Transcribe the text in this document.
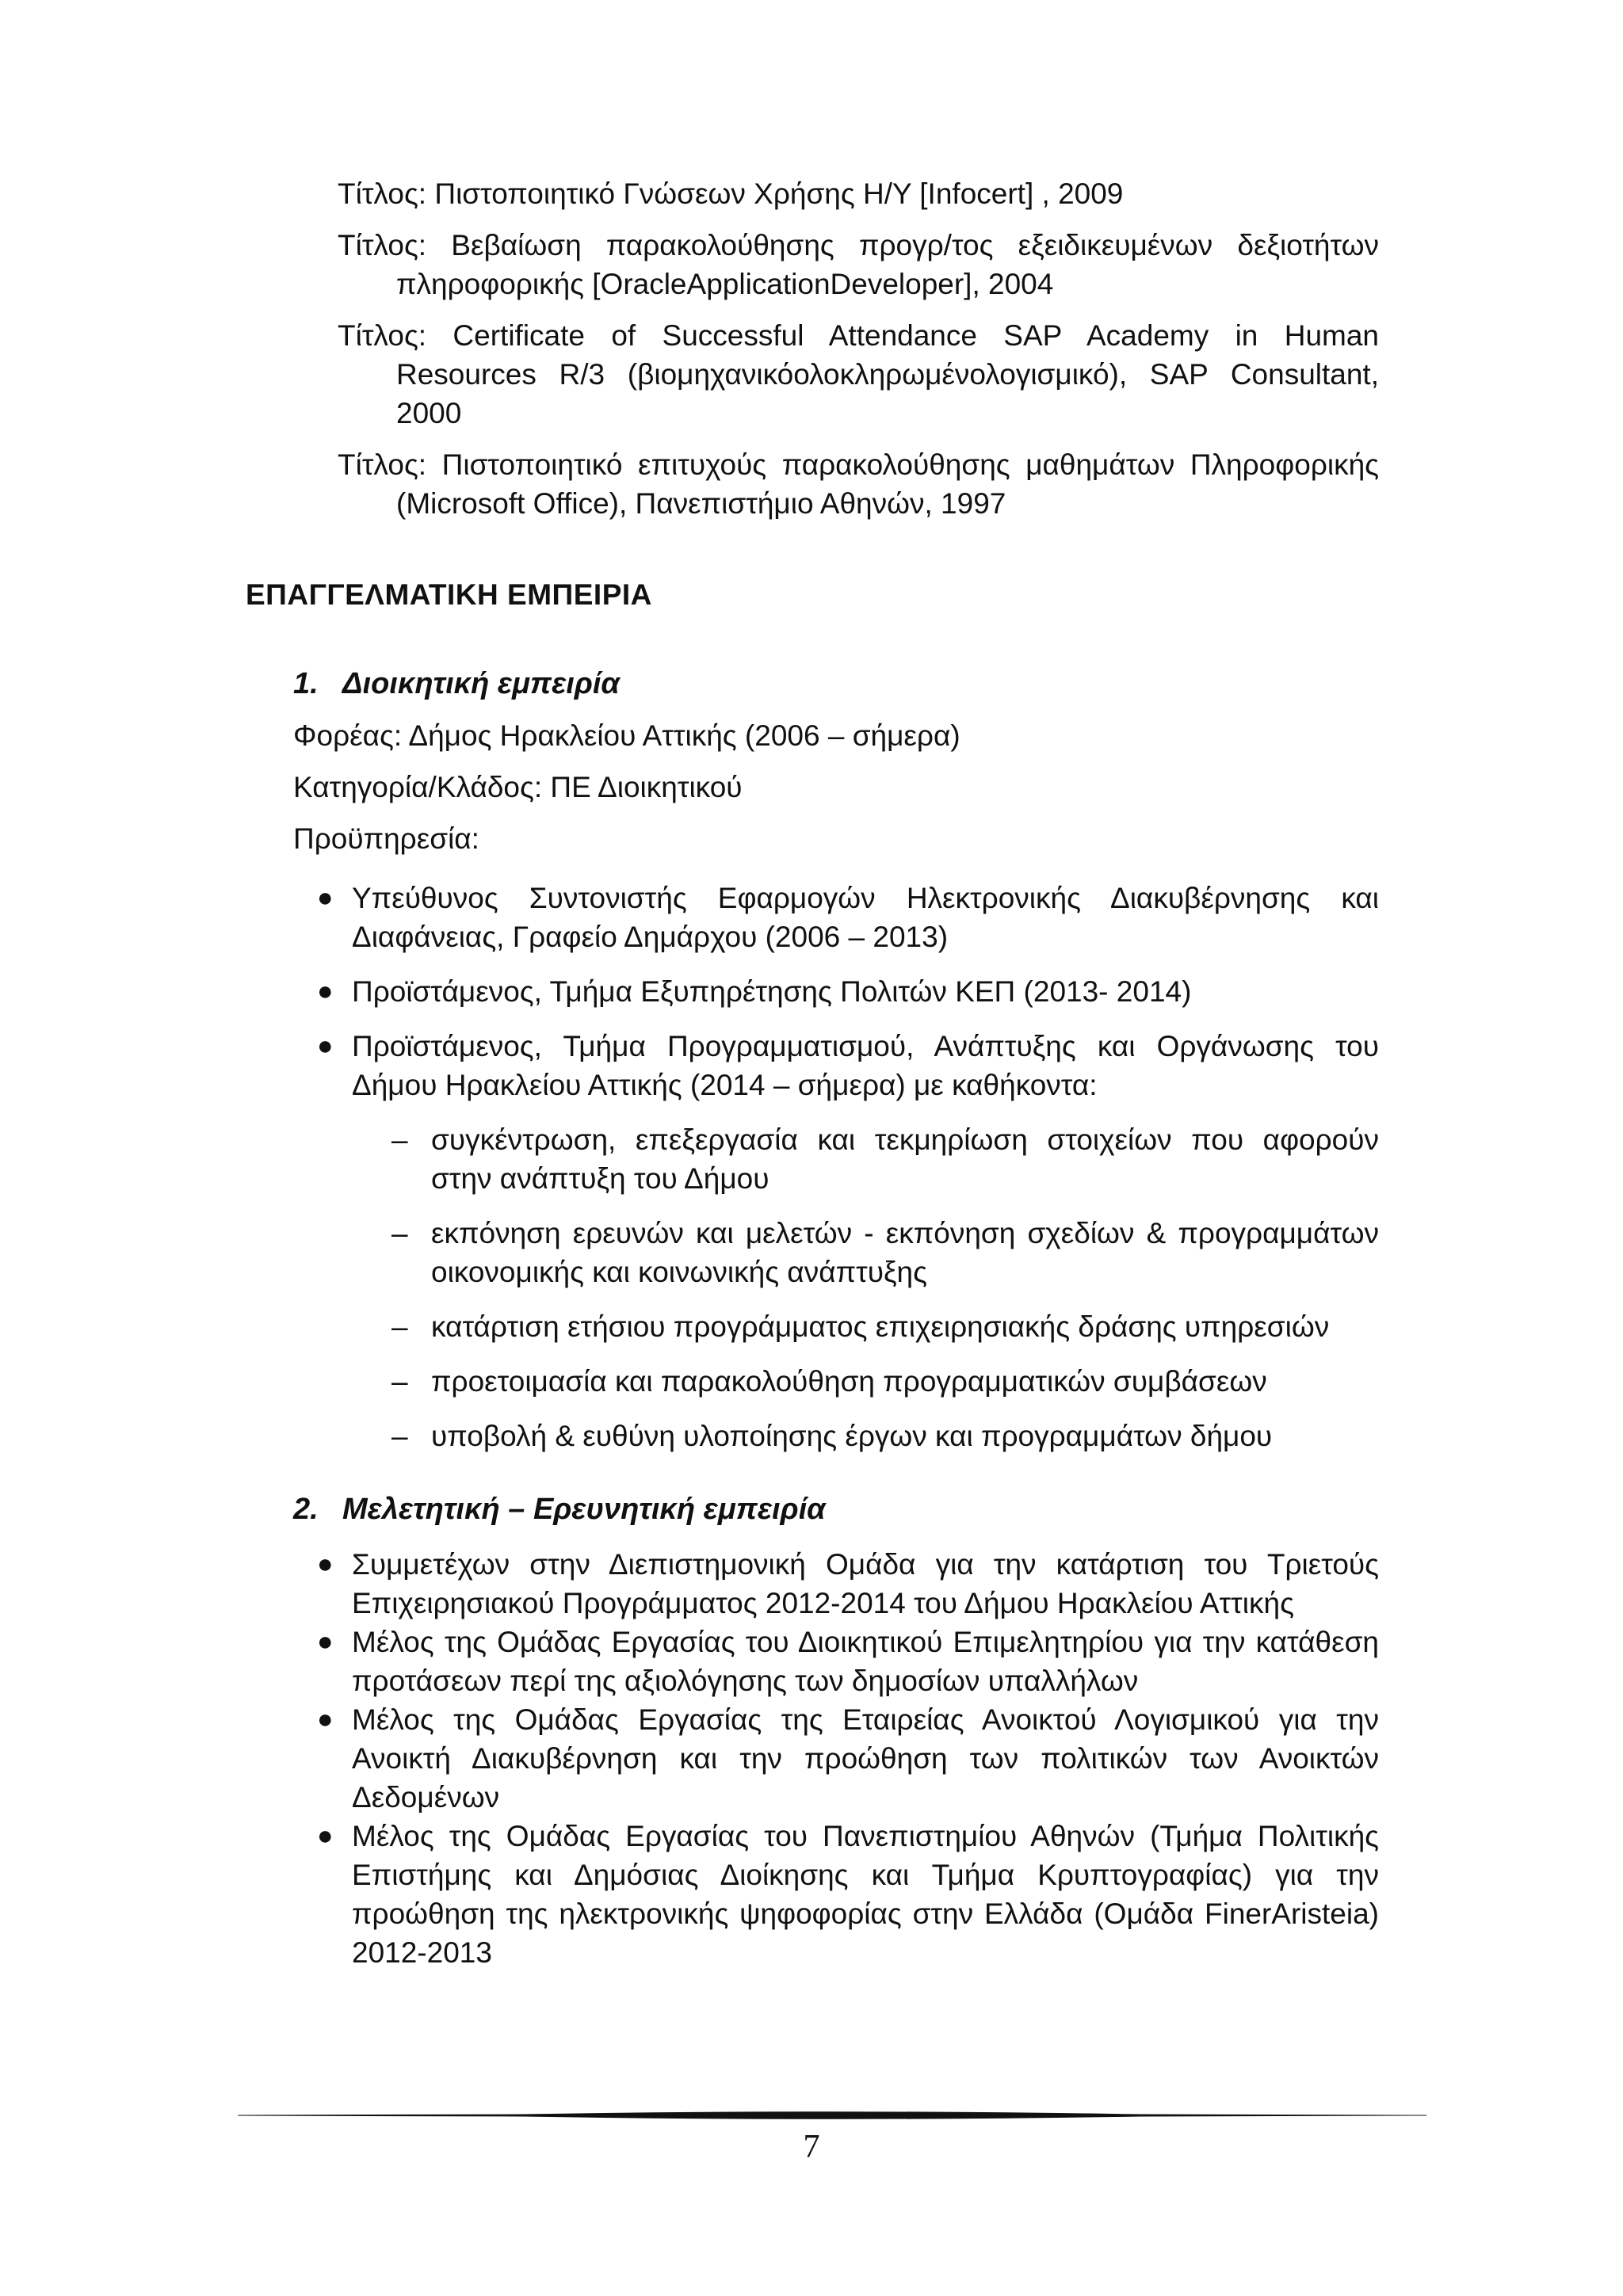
Τίτλος: Πιστοποιητικό Γνώσεων Χρήσης Η/Υ [Infocert] , 2009

Τίτλος: Βεβαίωση παρακολούθησης προγρ/τος εξειδικευμένων δεξιοτήτων πληροφορικής [OracleApplicationDeveloper], 2004

Τίτλος: Certificate of Successful Attendance SAP Academy in Human Resources R/3 (βιομηχανικόολοκληρωμένολογισμικό), SAP Consultant, 2000

Τίτλος: Πιστοποιητικό επιτυχούς παρακολούθησης μαθημάτων Πληροφορικής (Microsoft Office), Πανεπιστήμιο Αθηνών, 1997

ΕΠΑΓΓΕΛΜΑΤΙΚΗ ΕΜΠΕΙΡΙΑ
1. Διοικητική εμπειρία
Φορέας: Δήμος Ηρακλείου Αττικής (2006 – σήμερα)
Κατηγορία/Κλάδος: ΠΕ Διοικητικού
Προϋπηρεσία:
● Υπεύθυνος Συντονιστής Εφαρμογών Ηλεκτρονικής Διακυβέρνησης και Διαφάνειας, Γραφείο Δημάρχου (2006 – 2013)
● Προϊστάμενος, Τμήμα Εξυπηρέτησης Πολιτών ΚΕΠ (2013- 2014)
● Προϊστάμενος, Τμήμα Προγραμματισμού, Ανάπτυξης και Οργάνωσης του Δήμου Ηρακλείου Αττικής (2014 – σήμερα) με καθήκοντα:
– συγκέντρωση, επεξεργασία και τεκμηρίωση στοιχείων που αφορούν στην ανάπτυξη του Δήμου
– εκπόνηση ερευνών και μελετών - εκπόνηση σχεδίων & προγραμμάτων οικονομικής και κοινωνικής ανάπτυξης
– κατάρτιση ετήσιου προγράμματος επιχειρησιακής δράσης υπηρεσιών
– προετοιμασία και παρακολούθηση προγραμματικών συμβάσεων
– υποβολή & ευθύνη υλοποίησης έργων και προγραμμάτων δήμου
2. Μελετητική – Ερευνητική εμπειρία
● Συμμετέχων στην Διεπιστημονική Ομάδα για την κατάρτιση του Τριετούς Επιχειρησιακού Προγράμματος 2012-2014 του Δήμου Ηρακλείου Αττικής
● Μέλος της Ομάδας Εργασίας του Διοικητικού Επιμελητηρίου για την κατάθεση προτάσεων περί της αξιολόγησης των δημοσίων υπαλλήλων
● Μέλος της Ομάδας Εργασίας της Εταιρείας Ανοικτού Λογισμικού για την Ανοικτή Διακυβέρνηση και την προώθηση των πολιτικών των Ανοικτών Δεδομένων
● Μέλος της Ομάδας Εργασίας του Πανεπιστημίου Αθηνών (Τμήμα Πολιτικής Επιστήμης και Δημόσιας Διοίκησης και Τμήμα Κρυπτογραφίας) για την προώθηση της ηλεκτρονικής ψηφοφορίας στην Ελλάδα (Ομάδα FinerAristeia) 2012-2013
7
